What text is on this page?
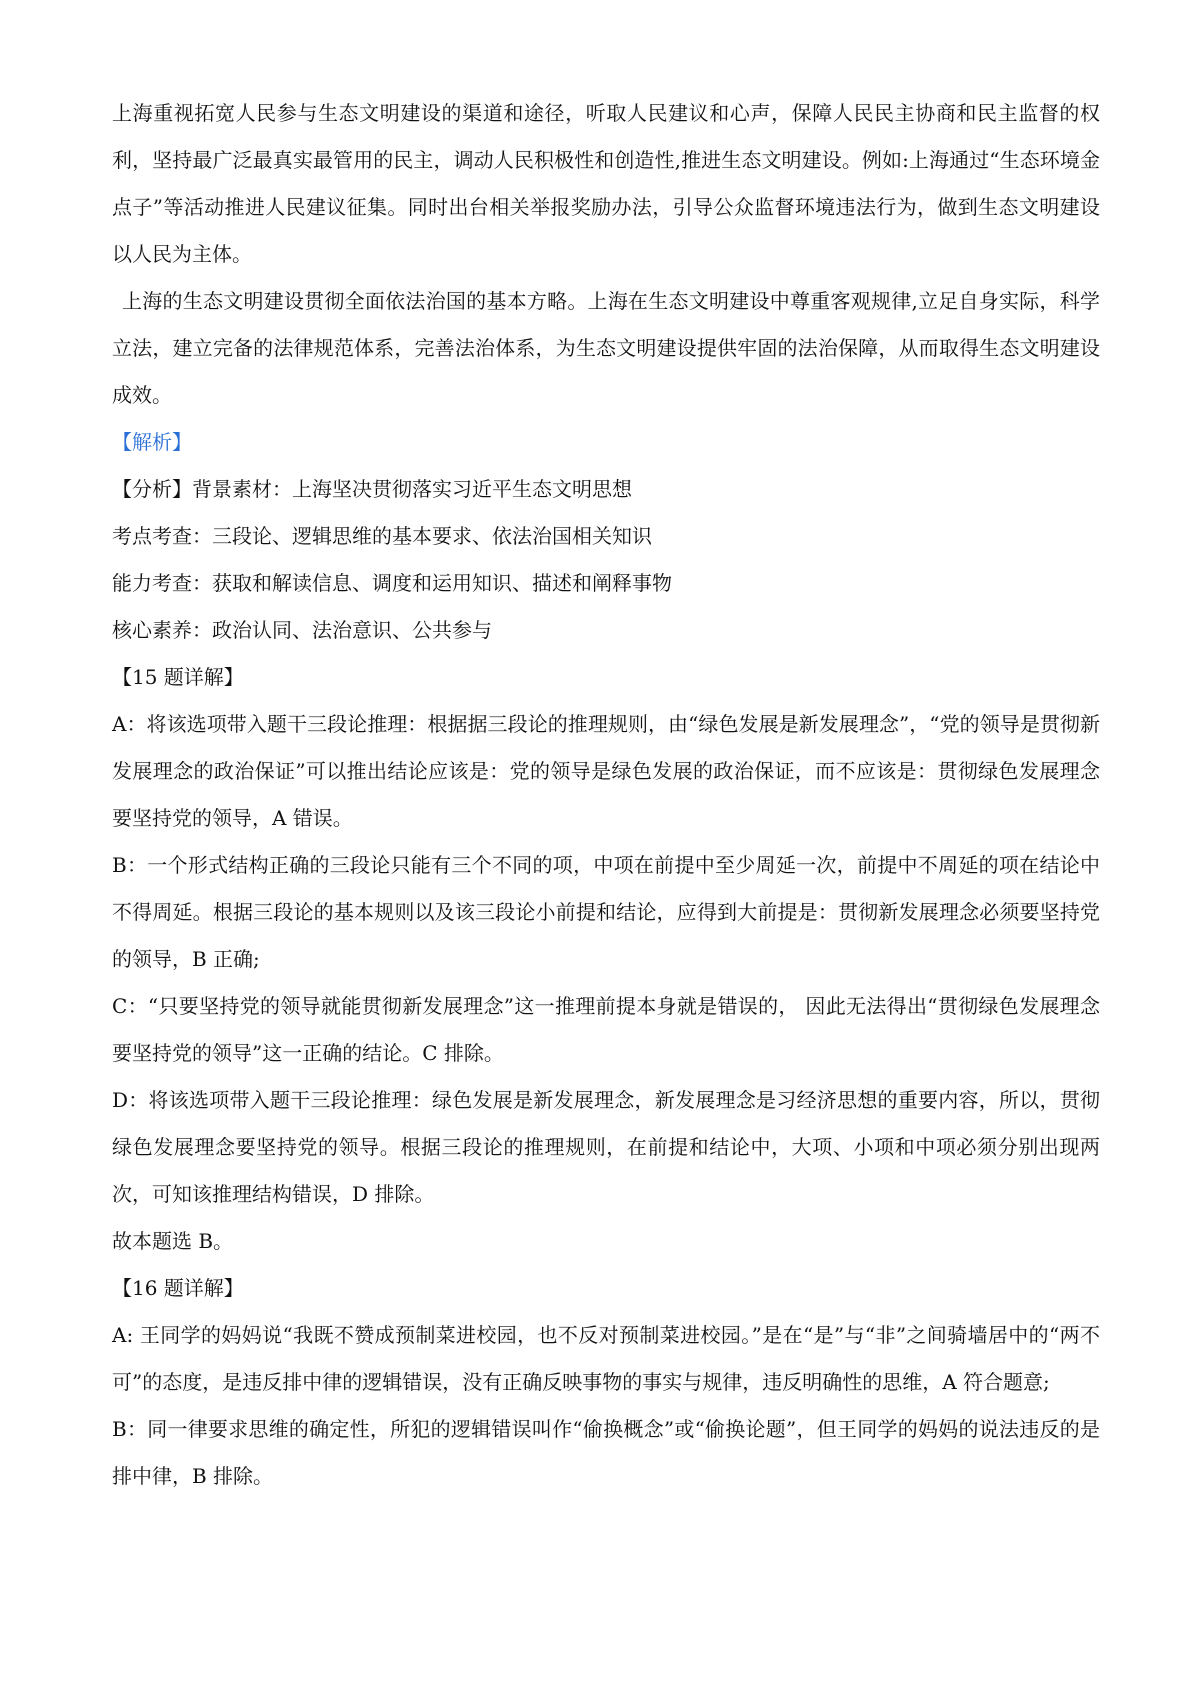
上海重视拓宽人民参与生态文明建设的渠道和途径，听取人民建议和心声，保障人民民主协商和民主监督的权利，坚持最广泛最真实最管用的民主，调动人民积极性和创造性,推进生态文明建设。例如:上海通过“生态环境金点子”等活动推进人民建议征集。同时出台相关举报奖励办法，引导公众监督环境违法行为，做到生态文明建设以人民为主体。

上海的生态文明建设贯彻全面依法治国的基本方略。上海在生态文明建设中尊重客观规律,立足自身实际，科学立法，建立完备的法律规范体系，完善法治体系，为生态文明建设提供牢固的法治保障，从而取得生态文明建设成效。

【解析】

【分析】背景素材：上海坚决贯彻落实习近平生态文明思想

考点考查：三段论、逻辑思维的基本要求、依法治国相关知识

能力考查：获取和解读信息、调度和运用知识、描述和阐释事物

核心素养：政治认同、法治意识、公共参与

【15 题详解】

A：将该选项带入题干三段论推理：根据据三段论的推理规则，由“绿色发展是新发展理念”，“党的领导是贯彻新发展理念的政治保证”可以推出结论应该是：党的领导是绿色发展的政治保证，而不应该是：贯彻绿色发展理念要坚持党的领导，A 错误。

B：一个形式结构正确的三段论只能有三个不同的项，中项在前提中至少周延一次，前提中不周延的项在结论中不得周延。根据三段论的基本规则以及该三段论小前提和结论，应得到大前提是：贯彻新发展理念必须要坚持党的领导，B 正确;

C：“只要坚持党的领导就能贯彻新发展理念”这一推理前提本身就是错误的， 因此无法得出“贯彻绿色发展理念要坚持党的领导”这一正确的结论。C 排除。

D：将该选项带入题干三段论推理：绿色发展是新发展理念，新发展理念是习经济思想的重要内容，所以，贯彻绿色发展理念要坚持党的领导。根据三段论的推理规则，在前提和结论中，大项、小项和中项必须分别出现两次，可知该推理结构错误，D 排除。

故本题选 B。

【16 题详解】

A: 王同学的妈妈说“我既不赞成预制菜进校园，也不反对预制菜进校园。”是在“是”与“非”之间骑墙居中的“两不可”的态度，是违反排中律的逻辑错误，没有正确反映事物的事实与规律，违反明确性的思维，A 符合题意;

B：同一律要求思维的确定性，所犯的逻辑错误叫作“偷换概念”或“偷换论题”，但王同学的妈妈的说法违反的是排中律，B 排除。
